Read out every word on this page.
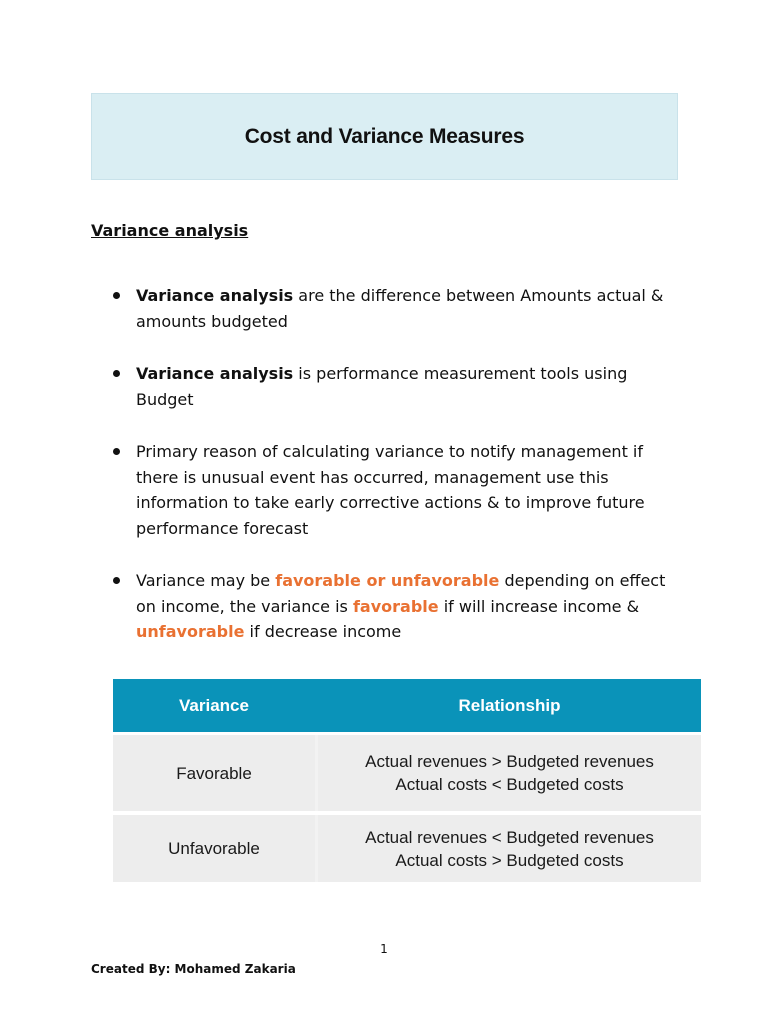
Cost and Variance Measures
Variance analysis
Variance analysis are the difference between Amounts actual & amounts budgeted
Variance analysis is performance measurement tools using Budget
Primary reason of calculating variance to notify management if there is unusual event has occurred, management use this information to take early corrective actions & to improve future performance forecast
Variance may be favorable or unfavorable depending on effect on income, the variance is favorable if will increase income & unfavorable if decrease income
Variance	Relationship
Favorable
Actual revenues > Budgeted revenues
Actual costs < Budgeted costs
Unfavorable
Actual revenues < Budgeted revenues
Actual costs > Budgeted costs
1
Created By: Mohamed Zakaria
